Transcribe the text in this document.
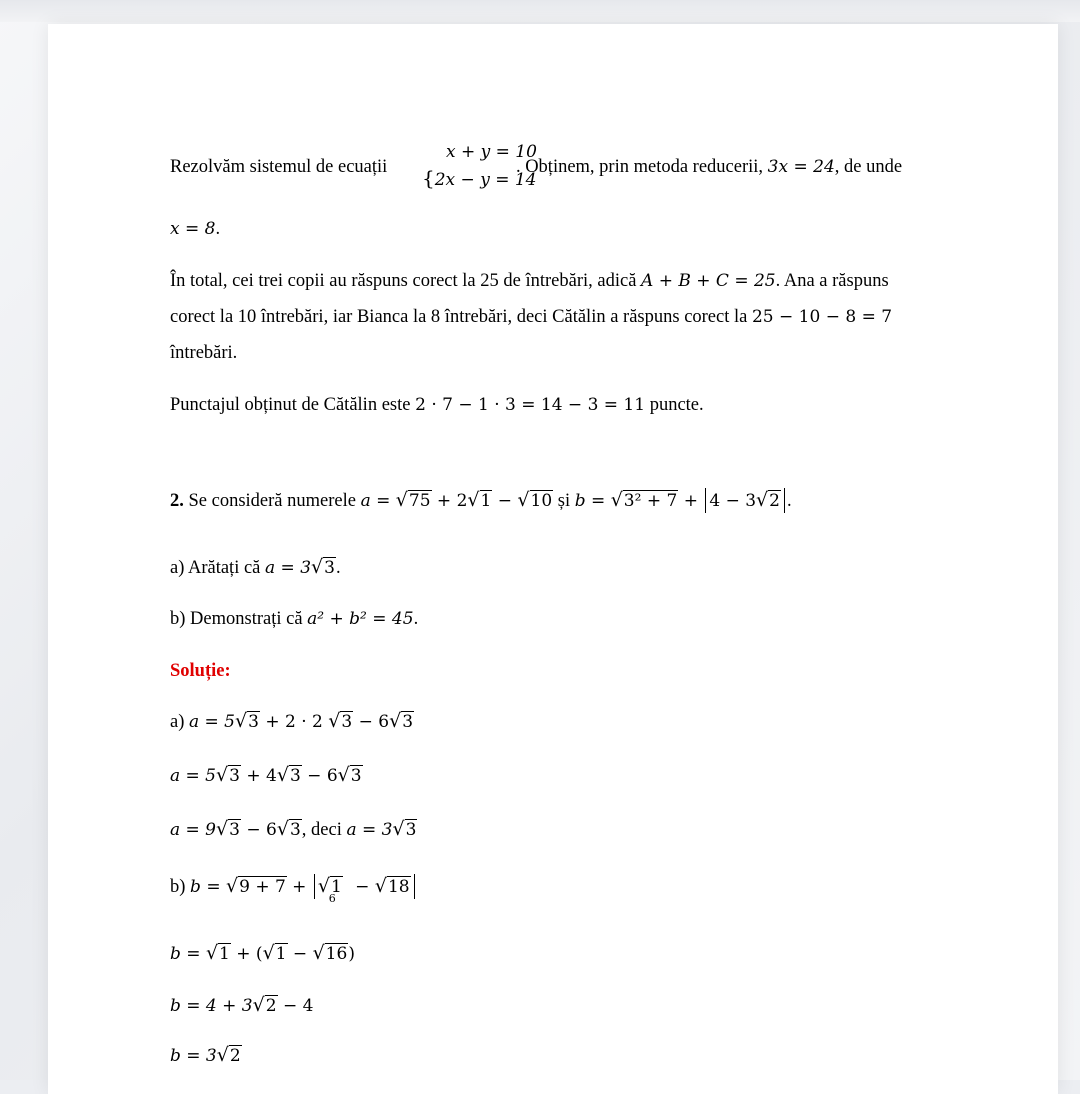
Rezolvăm sistemul de ecuații	. Obținem, prin metoda reducerii, 3x = 24, de unde
x + y = 10
{2x − y = 14
x = 8.
În total, cei trei copii au răspuns corect la 25 de întrebări, adică A + B + C = 25. Ana a răspuns
corect la 10 întrebări, iar Bianca la 8 întrebări, deci Cătălin a răspuns corect la 25 − 10 − 8 = 7
întrebări.
Punctajul obținut de Cătălin este 2 · 7 − 1 · 3 = 14 − 3 = 11 puncte.
2. Se consideră numerele a = √75 + 2√1 − √10 și b = √3² + 7 + 4 − 3√2 .
a) Arătați că a = 3√3.
b) Demonstrați că a² + b² = 45.
Soluție:
a) a = 5√3 + 2 · 2 √3 − 6√3
a = 5√3 + 4√3 − 6√3
a = 9√3 − 6√3, deci a = 3√3
b) $b = √9 + 7 + √1_6 - √18$
b = √1 + (√1 − √16)
b = 4 + 3√2 − 4
b = 3√2
